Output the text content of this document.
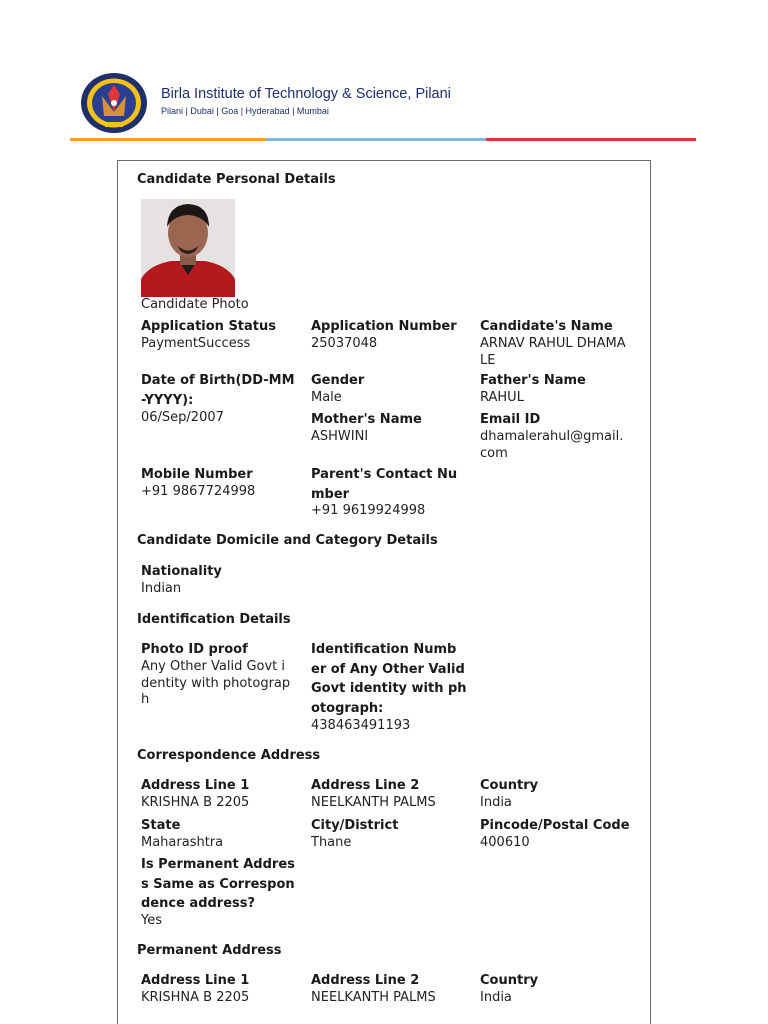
Birla Institute of Technology & Science, Pilani
Pilani | Dubai | Goa | Hyderabad | Mumbai
Candidate Personal Details
Candidate Photo
Application Status
PaymentSuccess
Application Number
25037048
Candidate's Name
ARNAV RAHUL DHAMA
LE
Date of Birth(DD-MM
-YYYY):
06/Sep/2007
Gender
Male
Father's Name
RAHUL
Mother's Name
ASHWINI
Email ID
dhamalerahul@gmail.
com
Mobile Number
+91 9867724998
Parent's Contact Nu
mber
+91 9619924998
Candidate Domicile and Category Details
Nationality
Indian
Identification Details
Photo ID proof
Any Other Valid Govt i
dentity with photograp
h
Identification Numb
er of Any Other Valid
Govt identity with ph
otograph:
438463491193
Correspondence Address
Address Line 1
KRISHNA B 2205
Address Line 2
NEELKANTH PALMS
Country
India
State
Maharashtra
City/District
Thane
Pincode/Postal Code
400610
Is Permanent Addres
s Same as Correspon
dence address?
Yes
Permanent Address
Address Line 1
KRISHNA B 2205
Address Line 2
NEELKANTH PALMS
Country
India
